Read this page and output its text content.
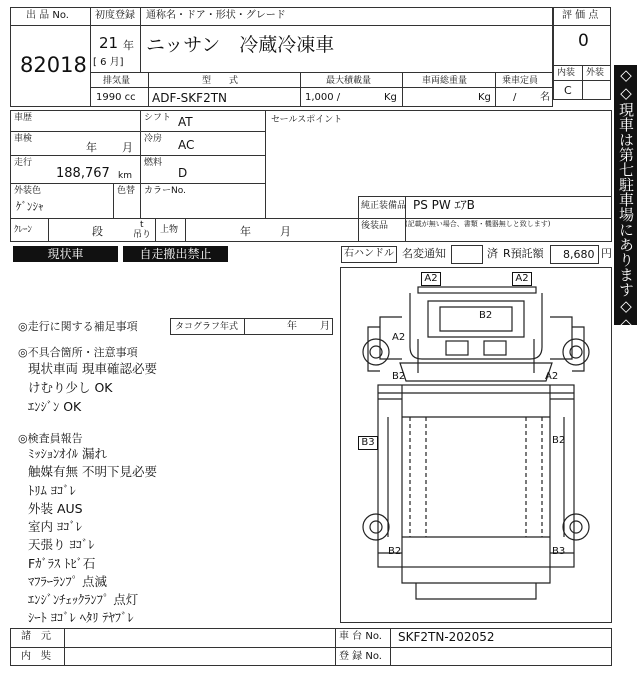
出 品 No.
82018
初度登録
21 年
[ 6 月]
通称名・ドア・形状・グレード
ニッサン　冷蔵冷凍車
評 価 点
0
内装 外装
C
排気量
1990 cc
型　　式
ADF-SKF2TN
最大積載量
1,000 /	Kg
車両総重量
Kg
乗車定員
/ 名
車歴
車検
年 月
走行
188,767 km
外装色
ｹﾞﾝｼｬ
色替
シフト AT
冷房 AC
燃料
D
カラーNo.
セールスポイント
純正装備品 PS PW ｴｱB
後装品 (記載が無い場合、書類・機器無しと致します)
ｸﾚｰﾝ	段	t
吊り 上物	年	月
現状車	自走搬出禁止	右ハンドル 名変通知	済 R預託額 8,680 円
◎走行に関する補足事項	タコグラフ年式	年 月
◎不具合箇所・注意事項
現状車両 現車確認必要
けむり少し OK
ｴﾝｼﾞﾝ OK
◎検査員報告
ﾐｯｼｮﾝｵｲﾙ 漏れ
触媒有無 不明下見必要
ﾄﾘﾑ ﾖｺﾞﾚ
外装 AUS
室内 ﾖｺﾞﾚ
天張り ﾖｺﾞﾚ
Fｶﾞﾗｽ ﾄﾋﾞ石
ﾏﾌﾗｰﾗﾝﾌﾟ 点滅
ｴﾝｼﾞﾝﾁｪｯｸﾗﾝﾌﾟ 点灯
ｼｰﾄ ﾖｺﾞﾚ ﾍﾀﾘ ﾃﾔﾌﾞﾚ
A2	A2
B2
A2
B2	A2
B3	B2
B2	B3
◇◇現車は第七駐車場にあります◇◇
諸　元
内　奘
車 台 No. SKF2TN-202052
登 録 No.
